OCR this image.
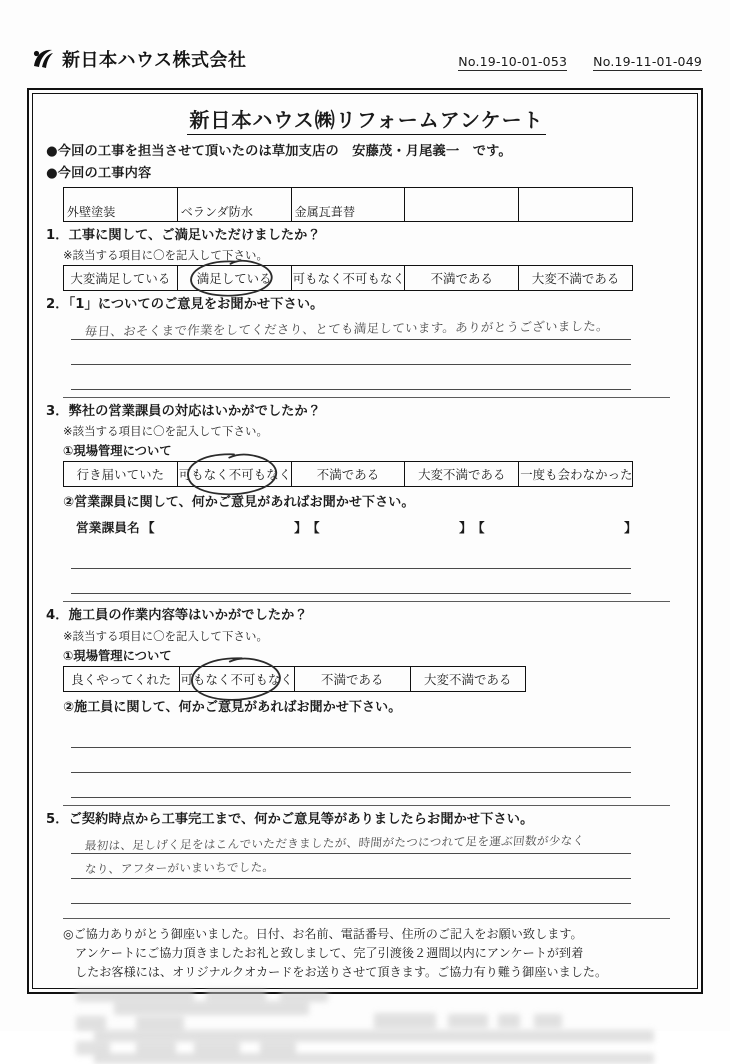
新日本ハウス株式会社	No.19-10-01-053 No.19-11-01-049
新日本ハウス㈱リフォームアンケート
●今回の工事を担当させて頂いたのは草加支店の　安藤茂・月尾義一　です。
●今回の工事内容
外壁塗装	ベランダ防水	金属瓦葺替		
1．工事に関して、ご満足いただけましたか？
※該当する項目に〇を記入して下さい。
大変満足している	満足している	可もなく不可もなく	不満である	大変不満である
2．「1」についてのご意見をお聞かせ下さい。
毎日、おそくまで作業をしてくださり、とても満足しています。ありがとうございました。
3．弊社の営業課員の対応はいかがでしたか？
※該当する項目に〇を記入して下さい。
①現場管理について
行き届いていた	可もなく不可もなく	不満である	大変不満である	一度も会わなかった
②営業課員に関して、何かご意見があればお聞かせ下さい。
営業課員名 【	】 【	】 【	】
4．施工員の作業内容等はいかがでしたか？
※該当する項目に〇を記入して下さい。
①現場管理について
良くやってくれた	可もなく不可もなく	不満である	大変不満である
②施工員に関して、何かご意見があればお聞かせ下さい。
5．ご契約時点から工事完工まで、何かご意見等がありましたらお聞かせ下さい。
最初は、足しげく足をはこんでいただきましたが、時間がたつにつれて足を運ぶ回数が少なく
なり、アフターがいまいちでした。
◎ご協力ありがとう御座いました。日付、お名前、電話番号、住所のご記入をお願い致します。
アンケートにご協力頂きましたお礼と致しまして、完了引渡後２週間以内にアンケートが到着
したお客様には、オリジナルクオカードをお送りさせて頂きます。ご協力有り難う御座いました。
